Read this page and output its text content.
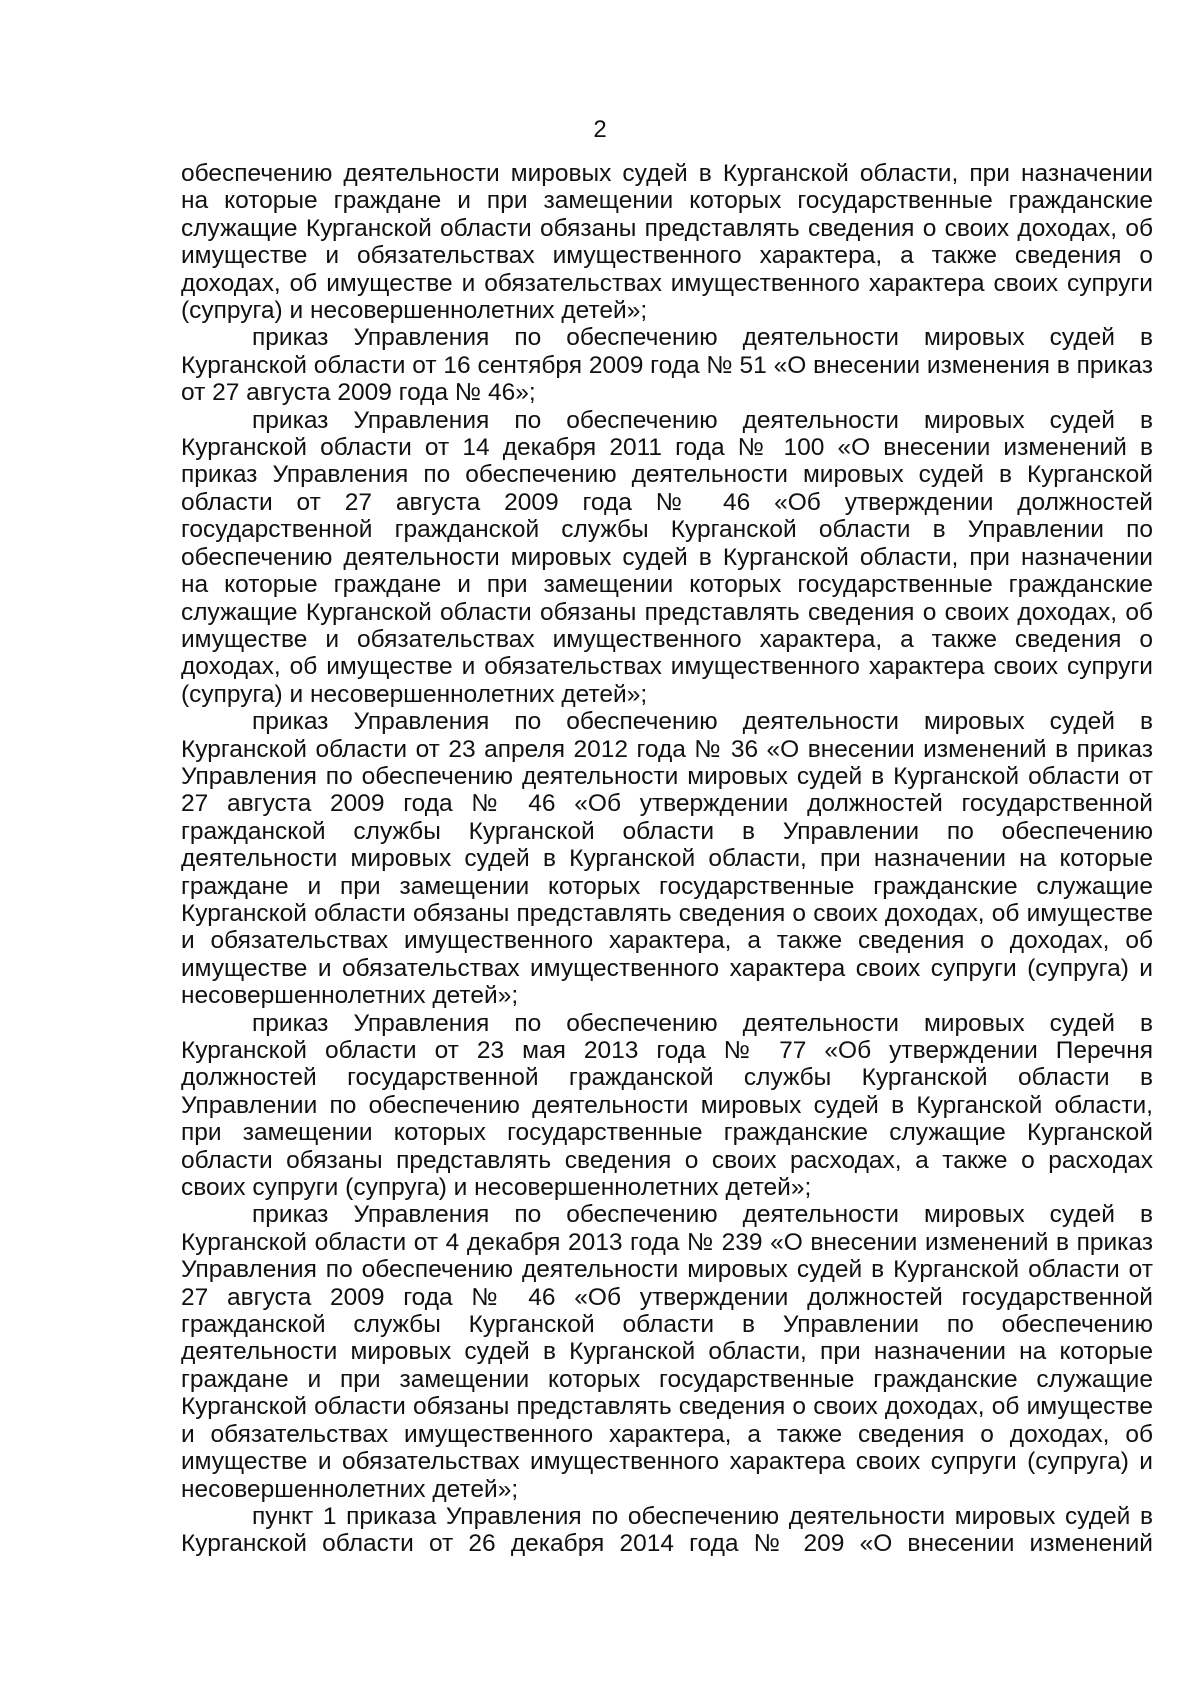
2

обеспечению деятельности мировых судей в Курганской области, при назначении на которые граждане и при замещении которых государственные гражданские служащие Курганской области обязаны представлять сведения о своих доходах, об имуществе и обязательствах имущественного характера, а также сведения о доходах, об имуществе и обязательствах имущественного характера своих супруги (супруга) и несовершеннолетних детей»;

приказ Управления по обеспечению деятельности мировых судей в Курганской области от 16 сентября 2009 года № 51 «О внесении изменения в приказ от 27 августа 2009 года № 46»;

приказ Управления по обеспечению деятельности мировых судей в Курганской области от 14 декабря 2011 года № 100 «О внесении изменений в приказ Управления по обеспечению деятельности мировых судей в Курганской области от 27 августа 2009 года № 46 «Об утверждении должностей государственной гражданской службы Курганской области в Управлении по обеспечению деятельности мировых судей в Курганской области, при назначении на которые граждане и при замещении которых государственные гражданские служащие Курганской области обязаны представлять сведения о своих доходах, об имуществе и обязательствах имущественного характера, а также сведения о доходах, об имуществе и обязательствах имущественного характера своих супруги (супруга) и несовершеннолетних детей»;

приказ Управления по обеспечению деятельности мировых судей в Курганской области от 23 апреля 2012 года № 36 «О внесении изменений в приказ Управления по обеспечению деятельности мировых судей в Курганской области от 27 августа 2009 года № 46 «Об утверждении должностей государственной гражданской службы Курганской области в Управлении по обеспечению деятельности мировых судей в Курганской области, при назначении на которые граждане и при замещении которых государственные гражданские служащие Курганской области обязаны представлять сведения о своих доходах, об имуществе и обязательствах имущественного характера, а также сведения о доходах, об имуществе и обязательствах имущественного характера своих супруги (супруга) и несовершеннолетних детей»;

приказ Управления по обеспечению деятельности мировых судей в Курганской области от 23 мая 2013 года № 77 «Об утверждении Перечня должностей государственной гражданской службы Курганской области в Управлении по обеспечению деятельности мировых судей в Курганской области, при замещении которых государственные гражданские служащие Курганской области обязаны представлять сведения о своих расходах, а также о расходах своих супруги (супруга) и несовершеннолетних детей»;

приказ Управления по обеспечению деятельности мировых судей в Курганской области от 4 декабря 2013 года № 239 «О внесении изменений в приказ Управления по обеспечению деятельности мировых судей в Курганской области от 27 августа 2009 года № 46 «Об утверждении должностей государственной гражданской службы Курганской области в Управлении по обеспечению деятельности мировых судей в Курганской области, при назначении на которые граждане и при замещении которых государственные гражданские служащие Курганской области обязаны представлять сведения о своих доходах, об имуществе и обязательствах имущественного характера, а также сведения о доходах, об имуществе и обязательствах имущественного характера своих супруги (супруга) и несовершеннолетних детей»;

пункт 1 приказа Управления по обеспечению деятельности мировых судей в Курганской области от 26 декабря 2014 года № 209 «О внесении изменений
